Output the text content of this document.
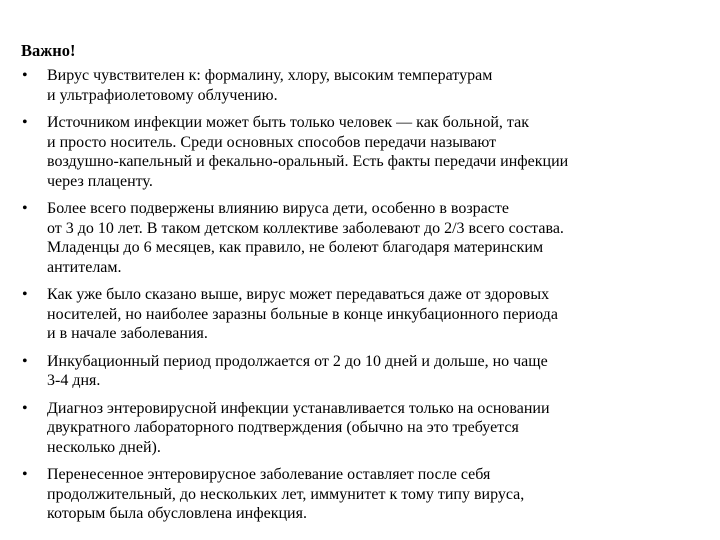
Важно!

• Вирус чувствителен к: формалину, хлору, высоким температурам
и ультрафиолетовому облучению.
• Источником инфекции может быть только человек — как больной, так
и просто носитель. Среди основных способов передачи называют
воздушно-капельный и фекально-оральный. Есть факты передачи инфекции
через плаценту.
• Более всего подвержены влиянию вируса дети, особенно в возрасте
от 3 до 10 лет. В таком детском коллективе заболевают до 2/3 всего состава.
Младенцы до 6 месяцев, как правило, не болеют благодаря материнским
антителам.
• Как уже было сказано выше, вирус может передаваться даже от здоровых
носителей, но наиболее заразны больные в конце инкубационного периода
и в начале заболевания.
• Инкубационный период продолжается от 2 до 10 дней и дольше, но чаще
3-4 дня.
• Диагноз энтеровирусной инфекции устанавливается только на основании
двукратного лабораторного подтверждения (обычно на это требуется
несколько дней).
• Перенесенное энтеровирусное заболевание оставляет после себя
продолжительный, до нескольких лет, иммунитет к тому типу вируса,
которым была обусловлена инфекция.
